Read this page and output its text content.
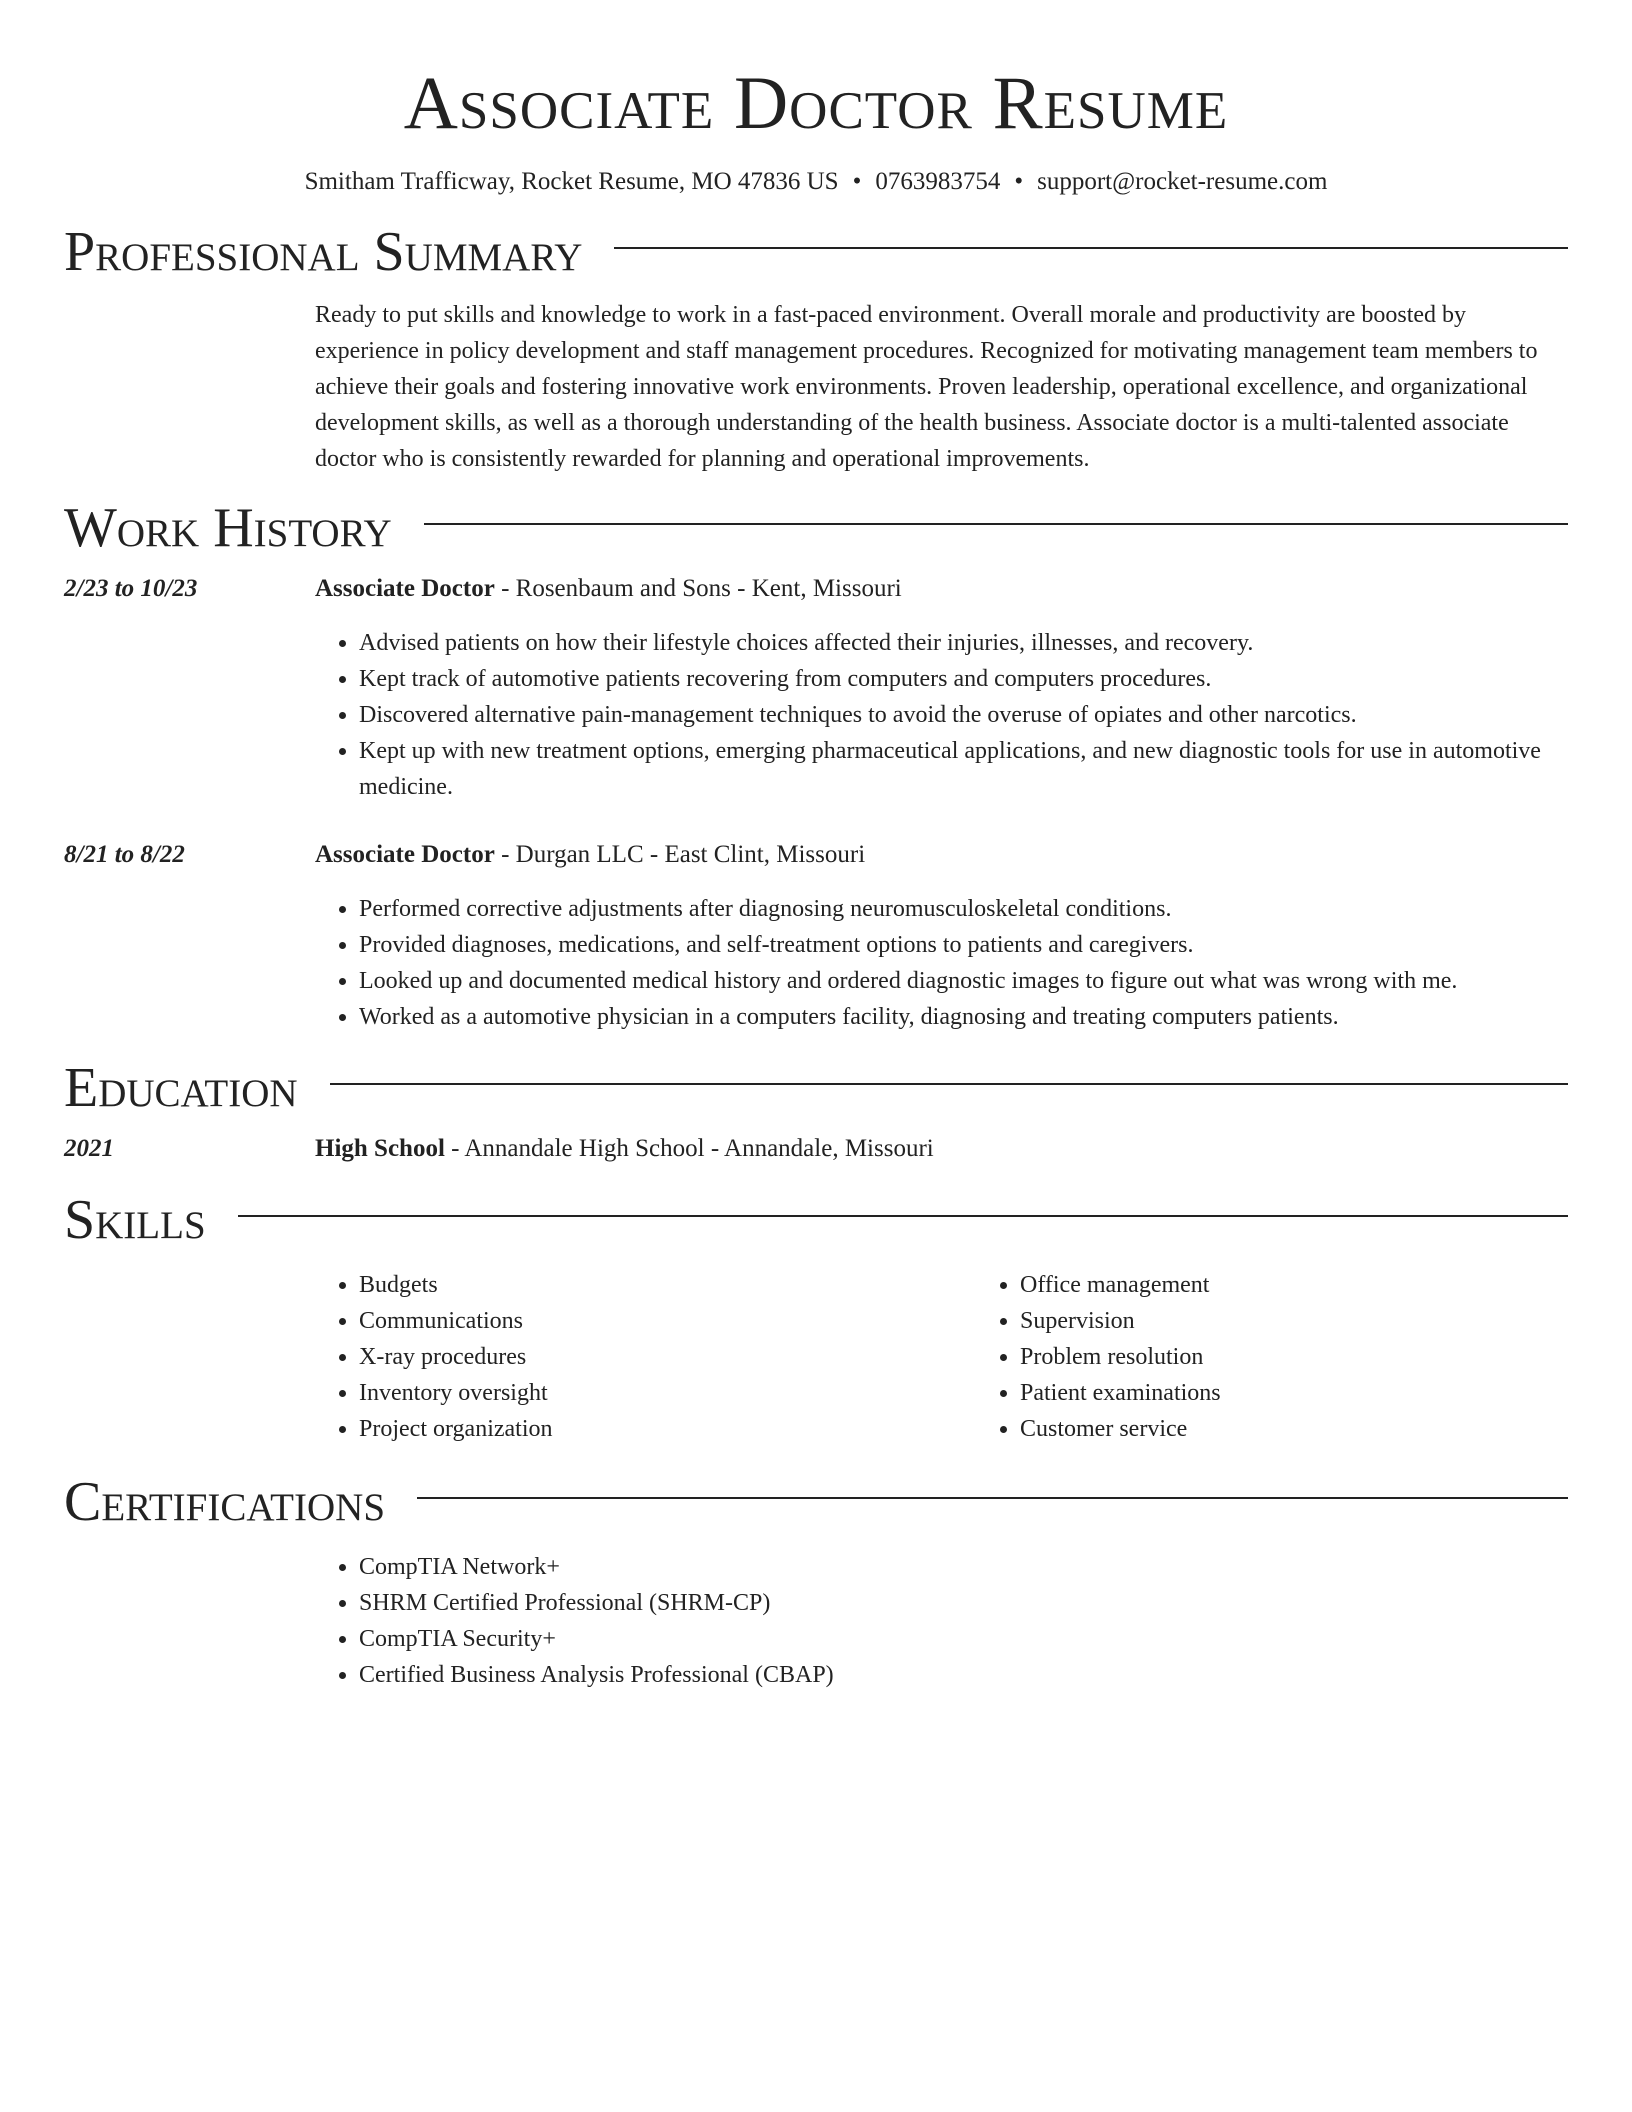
Associate Doctor Resume
Smitham Trafficway, Rocket Resume, MO 47836 US • 0763983754 • support@rocket-resume.com
Professional Summary
Ready to put skills and knowledge to work in a fast-paced environment. Overall morale and productivity are boosted by experience in policy development and staff management procedures. Recognized for motivating management team members to achieve their goals and fostering innovative work environments. Proven leadership, operational excellence, and organizational development skills, as well as a thorough understanding of the health business. Associate doctor is a multi-talented associate doctor who is consistently rewarded for planning and operational improvements.
Work History
2/23 to 10/23	Associate Doctor - Rosenbaum and Sons - Kent, Missouri
• Advised patients on how their lifestyle choices affected their injuries, illnesses, and recovery.
• Kept track of automotive patients recovering from computers and computers procedures.
• Discovered alternative pain-management techniques to avoid the overuse of opiates and other narcotics.
• Kept up with new treatment options, emerging pharmaceutical applications, and new diagnostic tools for use in automotive medicine.
8/21 to 8/22	Associate Doctor - Durgan LLC - East Clint, Missouri
• Performed corrective adjustments after diagnosing neuromusculoskeletal conditions.
• Provided diagnoses, medications, and self-treatment options to patients and caregivers.
• Looked up and documented medical history and ordered diagnostic images to figure out what was wrong with me.
• Worked as a automotive physician in a computers facility, diagnosing and treating computers patients.
Education
2021	High School - Annandale High School - Annandale, Missouri
Skills
• Budgets
• Communications
• X-ray procedures
• Inventory oversight
• Project organization
• Office management
• Supervision
• Problem resolution
• Patient examinations
• Customer service
Certifications
• CompTIA Network+
• SHRM Certified Professional (SHRM-CP)
• CompTIA Security+
• Certified Business Analysis Professional (CBAP)
